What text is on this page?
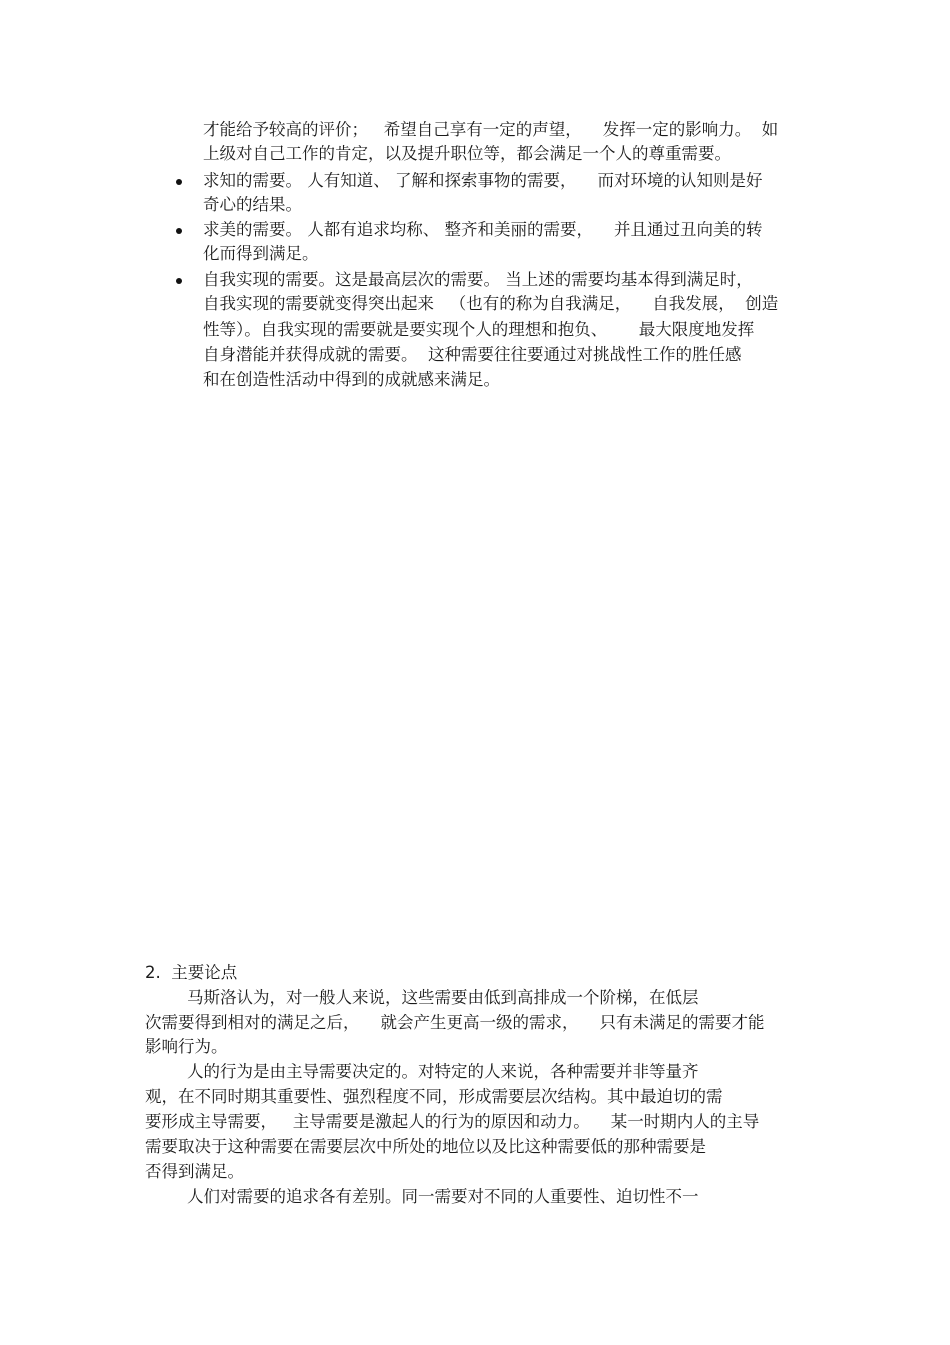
才能给予较高的评价；   希望自己享有一定的声望，    发挥一定的影响力。  如
上级对自己工作的肯定，以及提升职位等，都会满足一个人的尊重需要。
求知的需要。 人有知道、 了解和探索事物的需要，    而对环境的认知则是好
奇心的结果。
求美的需要。 人都有追求均称、 整齐和美丽的需要，    并且通过丑向美的转
化而得到满足。
自我实现的需要。这是最高层次的需要。 当上述的需要均基本得到满足时，
自我实现的需要就变得突出起来   （也有的称为自我满足，    自我发展，  创造
性等）。自我实现的需要就是要实现个人的理想和抱负、      最大限度地发挥
自身潜能并获得成就的需要。  这种需要往往要通过对挑战性工作的胜任感
和在创造性活动中得到的成就感来满足。
2.  主要论点
马斯洛认为，对一般人来说，这些需要由低到高排成一个阶梯，在低层
次需要得到相对的满足之后，    就会产生更高一级的需求，    只有未满足的需要才能
影响行为。
人的行为是由主导需要决定的。对特定的人来说，各种需要并非等量齐
观，在不同时期其重要性、强烈程度不同，形成需要层次结构。其中最迫切的需
要形成主导需要，   主导需要是激起人的行为的原因和动力。    某一时期内人的主导
需要取决于这种需要在需要层次中所处的地位以及比这种需要低的那种需要是
否得到满足。
人们对需要的追求各有差别。同一需要对不同的人重要性、迫切性不一
